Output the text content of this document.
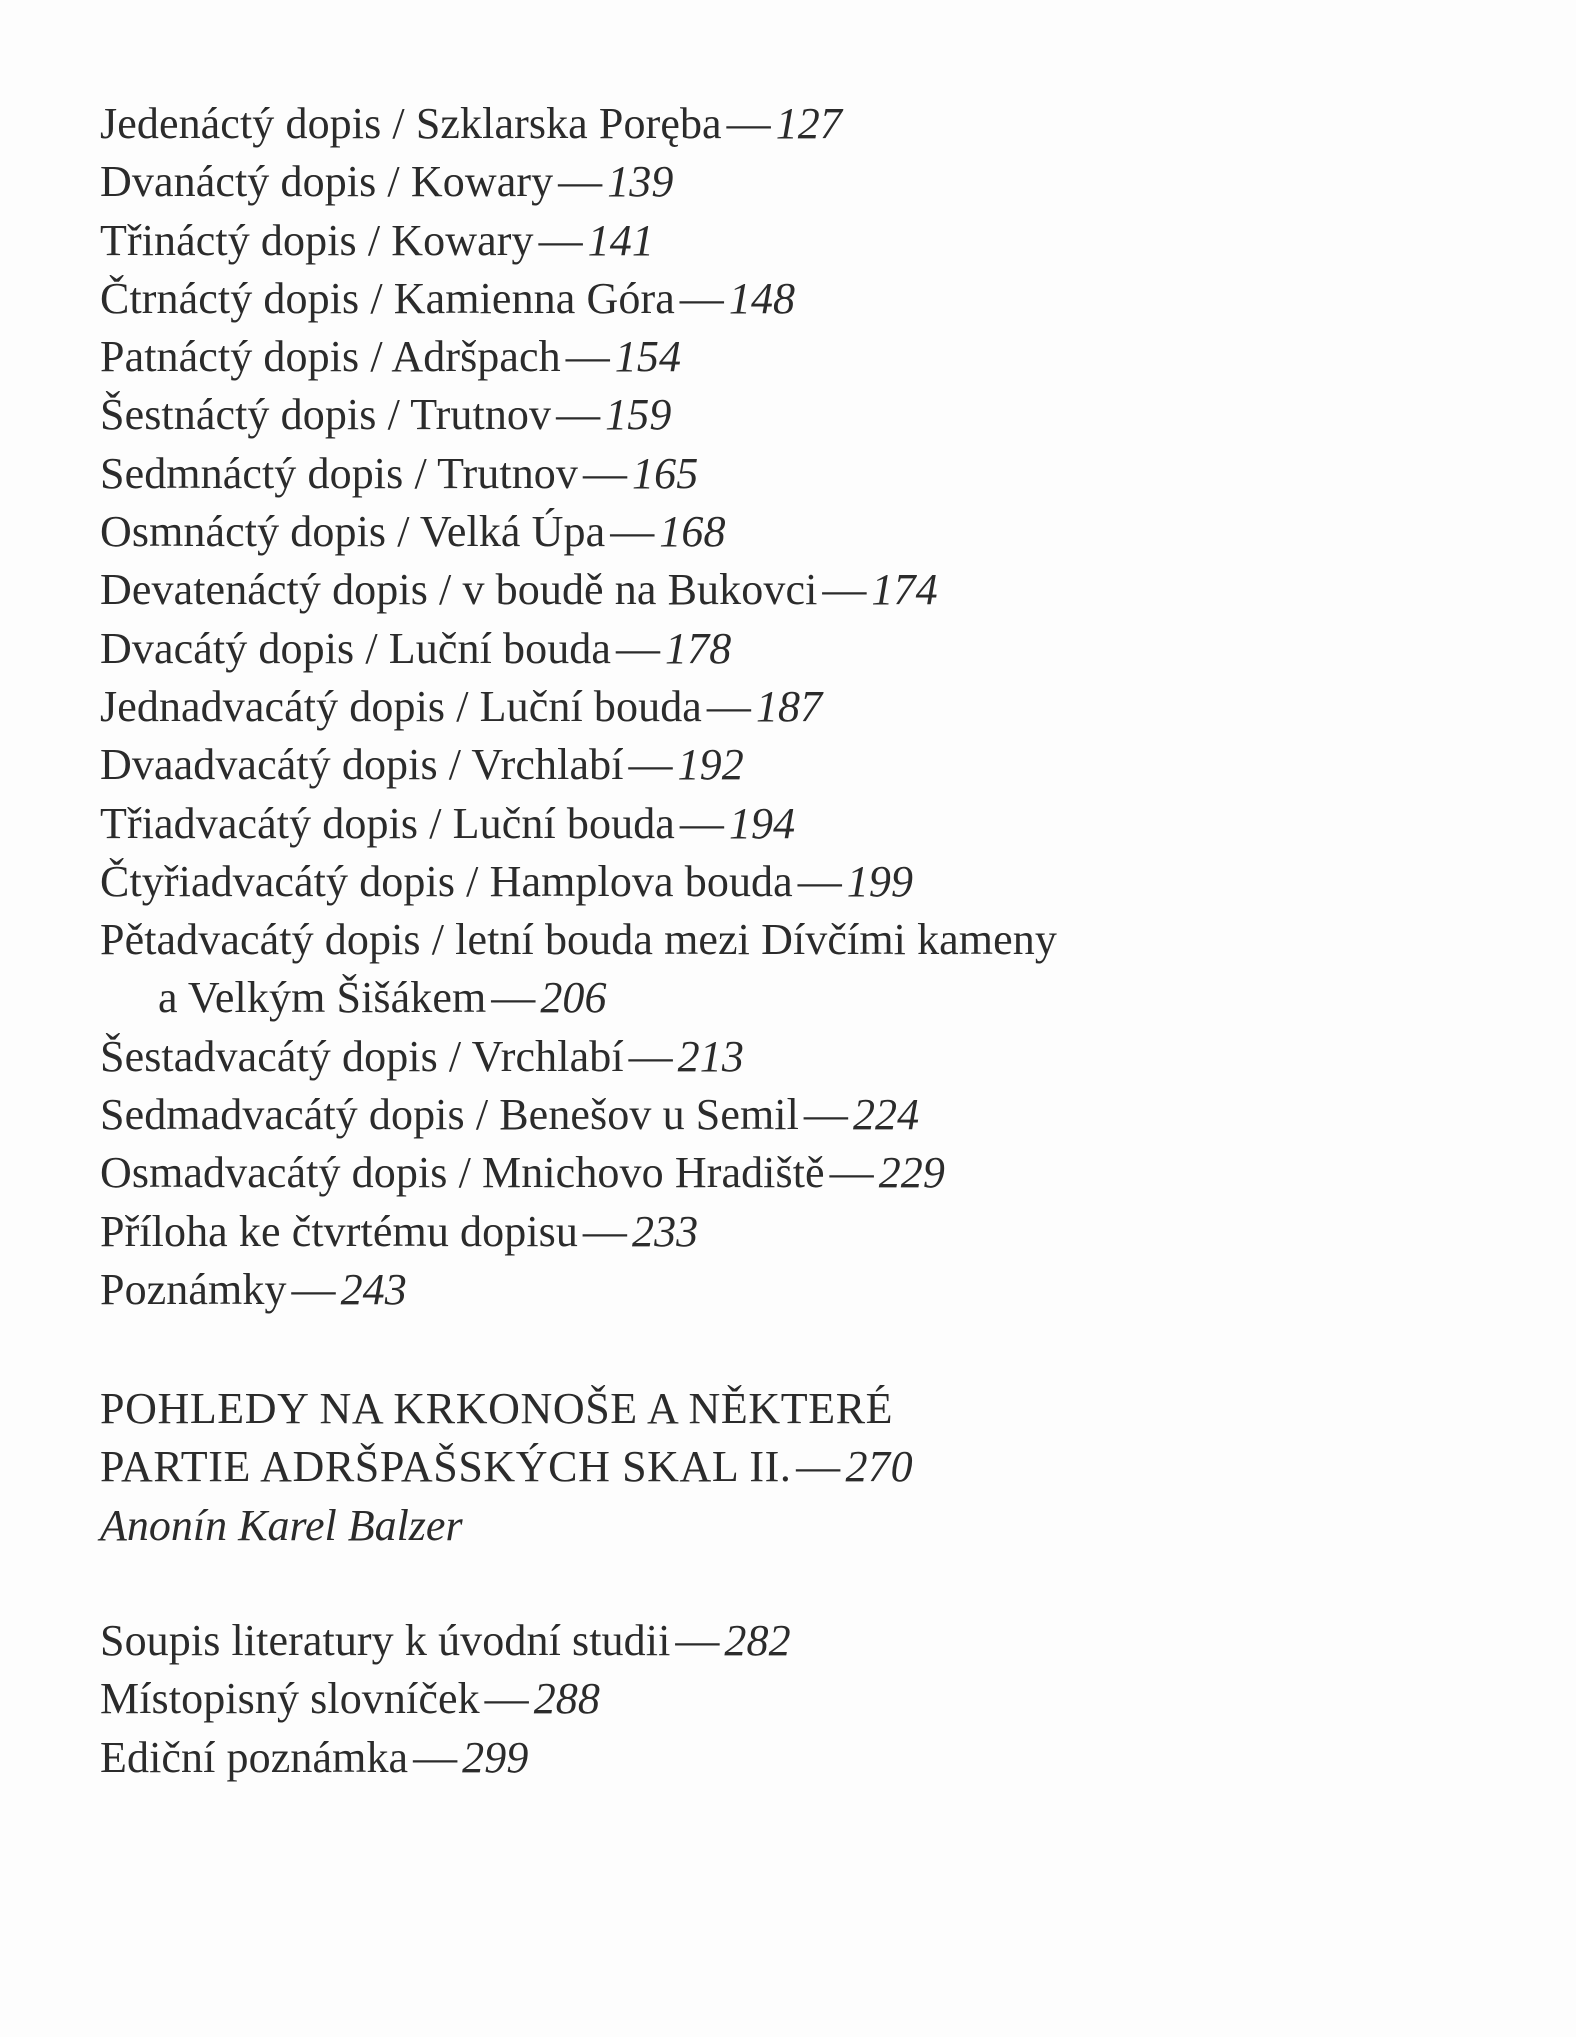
Jedenáctý dopis / Szklarska Poręba — 127
Dvanáctý dopis / Kowary — 139
Třináctý dopis / Kowary — 141
Čtrnáctý dopis / Kamienna Góra — 148
Patnáctý dopis / Adršpach — 154
Šestnáctý dopis / Trutnov — 159
Sedmnáctý dopis / Trutnov — 165
Osmnáctý dopis / Velká Úpa — 168
Devatenáctý dopis / v boudě na Bukovci — 174
Dvacátý dopis / Luční bouda — 178
Jednadvacátý dopis / Luční bouda — 187
Dvaadvacátý dopis / Vrchlabí — 192
Třiadvacátý dopis / Luční bouda — 194
Čtyřiadvacátý dopis / Hamplova bouda — 199
Pětadvacátý dopis / letní bouda mezi Dívčími kameny
a Velkým Šišákem — 206
Šestadvacátý dopis / Vrchlabí — 213
Sedmadvacátý dopis / Benešov u Semil — 224
Osmadvacátý dopis / Mnichovo Hradiště — 229
Příloha ke čtvrtému dopisu — 233
Poznámky — 243
POHLEDY NA KRKONOŠE A NĚKTERÉ
PARTIE ADRŠPAŠSKÝCH SKAL II. — 270
Anonín Karel Balzer
Soupis literatury k úvodní studii — 282
Místopisný slovníček — 288
Ediční poznámka — 299
